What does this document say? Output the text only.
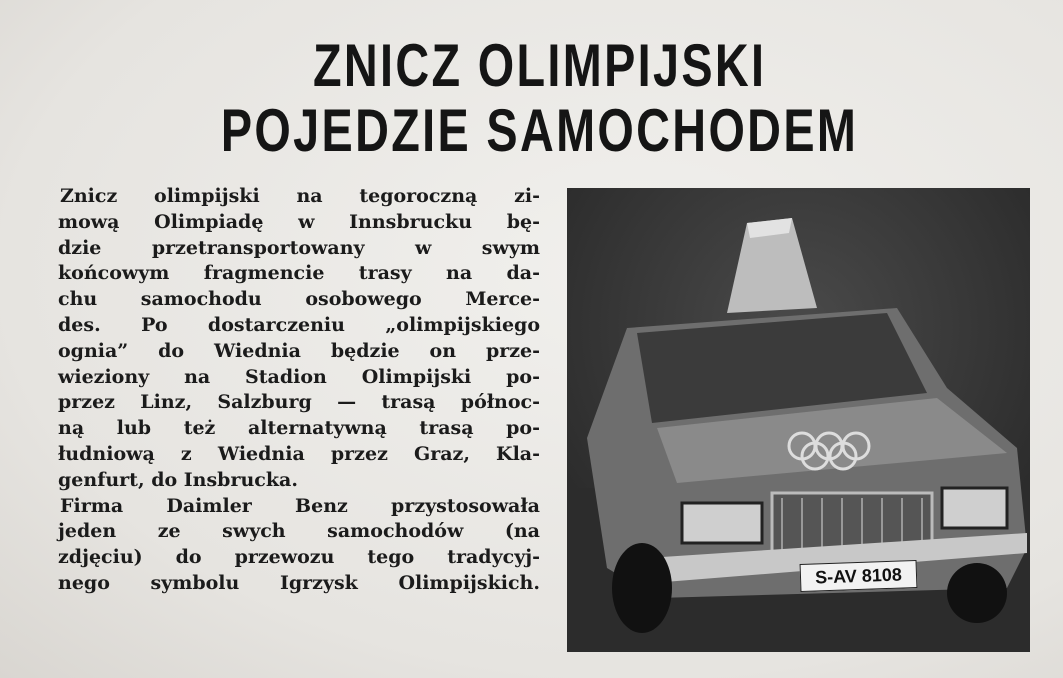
ZNICZ OLIMPIJSKI
POJEDZIE SAMOCHODEM
Znicz olimpijski na tegoroczną zi-
mową Olimpiadę w Innsbrucku bę-
dzie przetransportowany w swym
końcowym fragmencie trasy na da-
chu samochodu osobowego Merce-
des. Po dostarczeniu „olimpijskiego
ognia” do Wiednia będzie on prze-
wieziony na Stadion Olimpijski po-
przez Linz, Salzburg — trasą północ-
ną lub też alternatywną trasą po-
łudniową z Wiednia przez Graz, Kla-
genfurt, do Insbrucka.
Firma Daimler Benz przystosowała
jeden ze swych samochodów (na
zdjęciu) do przewozu tego tradycyj-
nego symbolu Igrzysk Olimpijskich.	S-AV 8108
